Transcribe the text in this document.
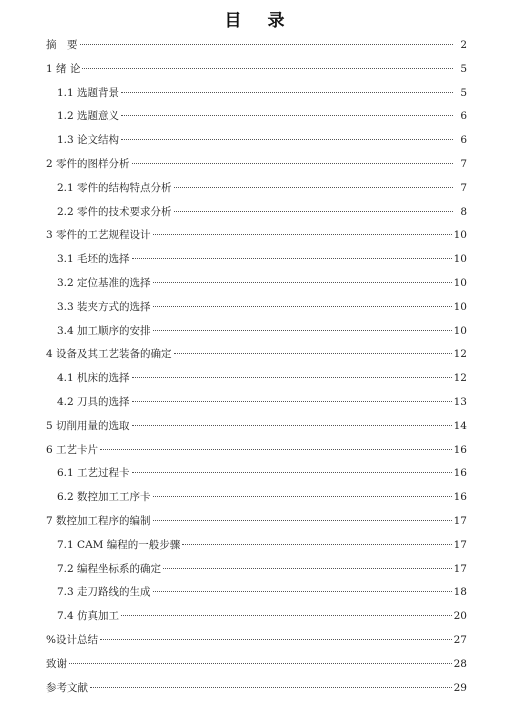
目 录
摘　要	2
1 绪 论	5
1.1 选题背景	5
1.2 选题意义	6
1.3 论文结构	6
2 零件的图样分析	7
2.1 零件的结构特点分析	7
2.2 零件的技术要求分析	8
3 零件的工艺规程设计	10
3.1 毛坯的选择	10
3.2 定位基准的选择	10
3.3 装夹方式的选择	10
3.4 加工顺序的安排	10
4 设备及其工艺装备的确定	12
4.1 机床的选择	12
4.2 刀具的选择	13
5 切削用量的选取	14
6 工艺卡片	16
6.1 工艺过程卡	16
6.2 数控加工工序卡	16
7 数控加工程序的编制	17
7.1 CAM 编程的一般步骤	17
7.2 编程坐标系的确定	17
7.3 走刀路线的生成	18
7.4 仿真加工	20
%设计总结	27
致谢	28
参考文献	29
